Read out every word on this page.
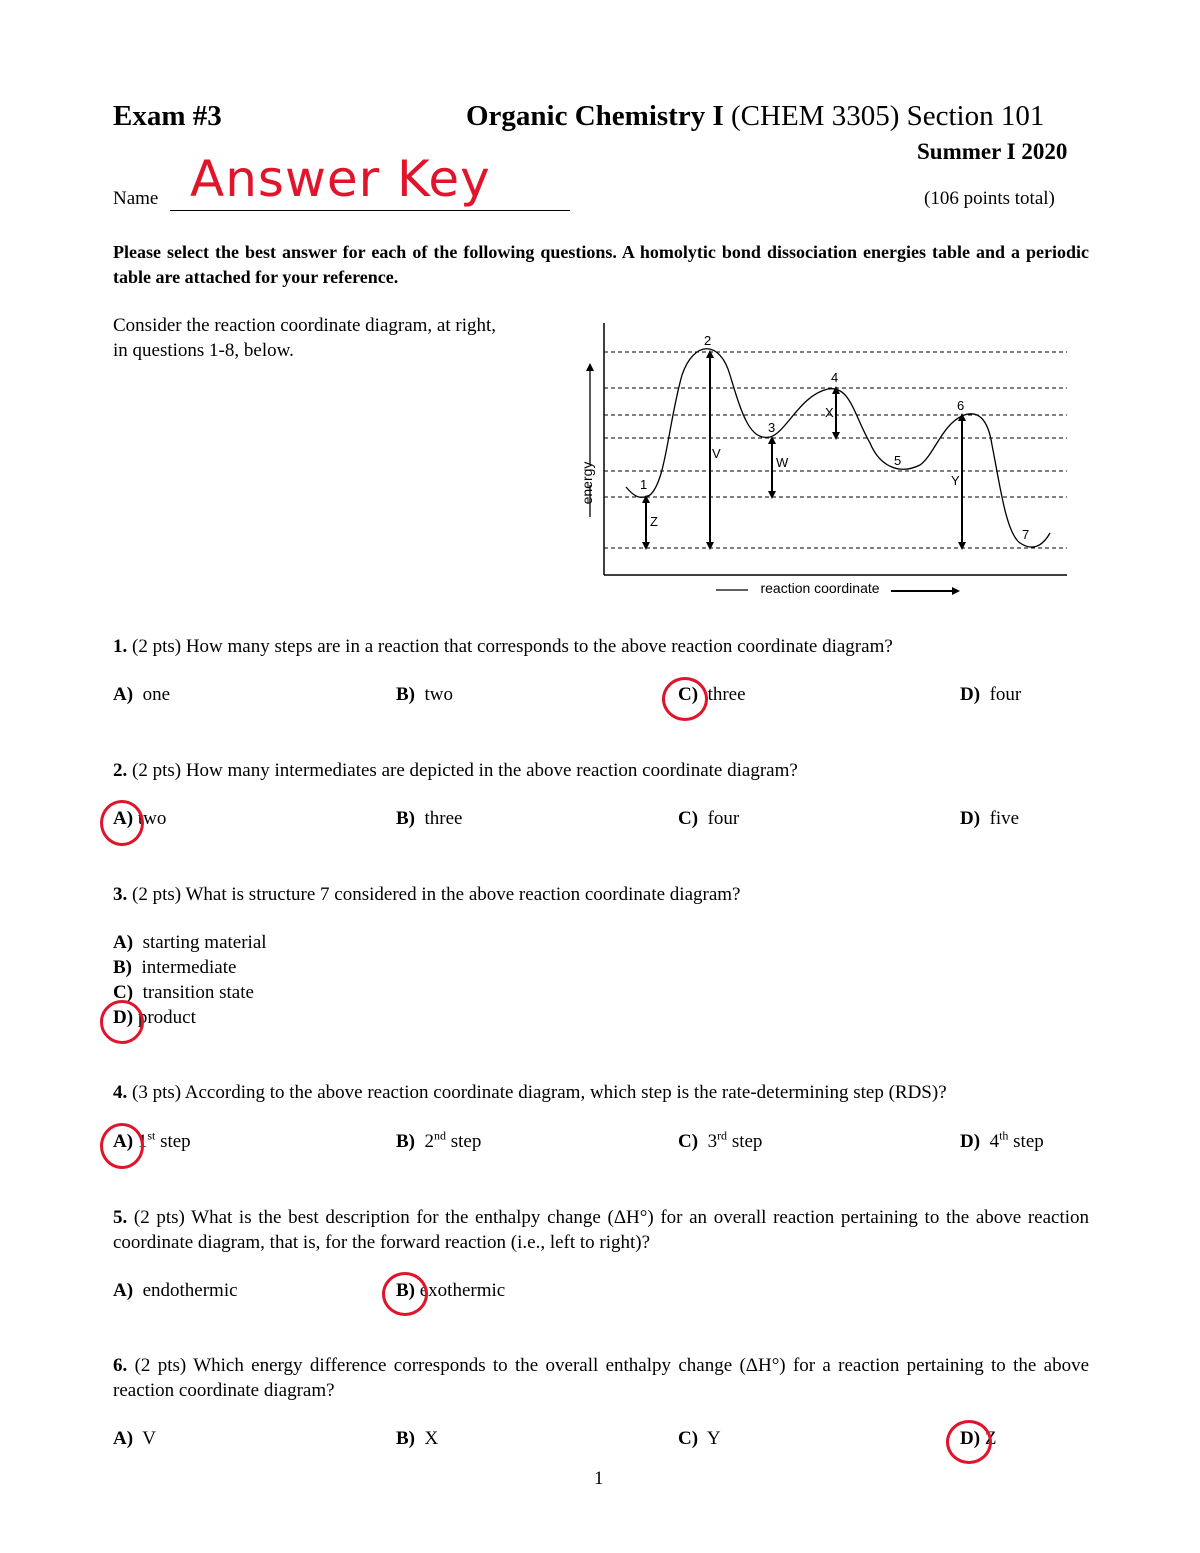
Exam #3	Organic Chemistry I (CHEM 3305) Section 101
Summer I 2020
Name Answer Key	(106 points total)
Please select the best answer for each of the following questions. A homolytic bond dissociation energies table and a periodic table are attached for your reference.
Consider the reaction coordinate diagram, at right,
in questions 1-8, below.
energy
reaction coordinate
1
2
3
4
5
6
7
V
W
X
Y
Z
1. (2 pts) How many steps are in a reaction that corresponds to the above reaction coordinate diagram?
A) one	B) two	C) three	D) four
2. (2 pts) How many intermediates are depicted in the above reaction coordinate diagram?
A) two	B) three	C) four	D) five
3. (2 pts) What is structure 7 considered in the above reaction coordinate diagram?
A) starting material
B) intermediate
C) transition state
D) product
4. (3 pts) According to the above reaction coordinate diagram, which step is the rate-determining step (RDS)?
A) 1st step	B) 2nd step	C) 3rd step	D) 4th step
5. (2 pts) What is the best description for the enthalpy change (ΔH°) for an overall reaction pertaining to the above reaction coordinate diagram, that is, for the forward reaction (i.e., left to right)?
A) endothermic	B) exothermic
6. (2 pts) Which energy difference corresponds to the overall enthalpy change (ΔH°) for a reaction pertaining to the above reaction coordinate diagram?
A) V	B) X	C) Y	D) Z
1
